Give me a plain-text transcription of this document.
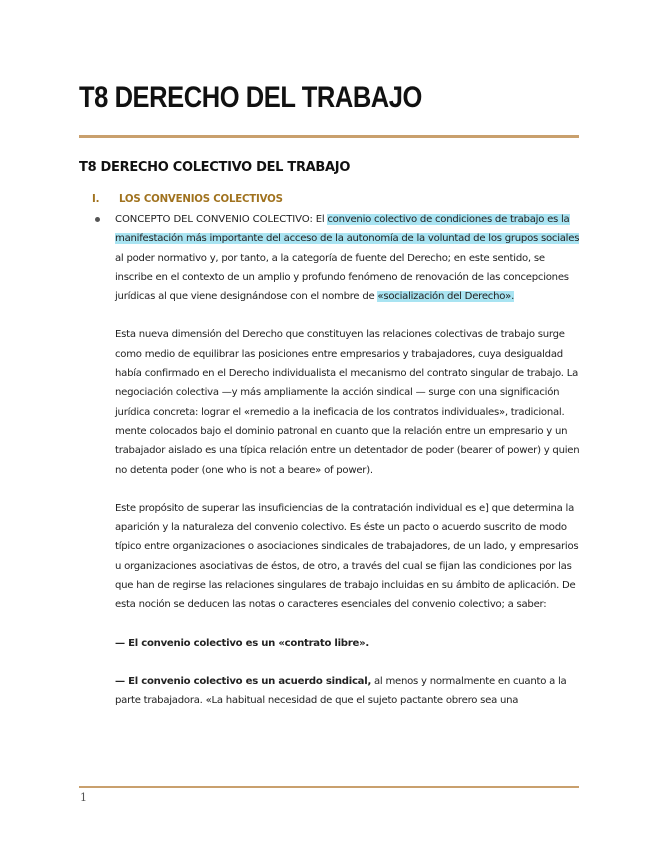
T8 DERECHO DEL TRABAJO
T8 DERECHO COLECTIVO DEL TRABAJO
I. LOS CONVENIOS COLECTIVOS

CONCEPTO DEL CONVENIO COLECTIVO: El convenio colectivo de condiciones de trabajo es la manifestación más importante del acceso de la autonomía de la voluntad de los grupos sociales al poder normativo y, por tanto, a la categoría de fuente del Derecho; en este sentido, se inscribe en el contexto de un amplio y profundo fenómeno de renovación de las concepciones jurídicas al que viene designándose con el nombre de «socialización del Derecho».

Esta nueva dimensión del Derecho que constituyen las relaciones colectivas de trabajo surge como medio de equilibrar las posiciones entre empresarios y trabajadores, cuya desigualdad había confirmado en el Derecho individualista el mecanismo del contrato singular de trabajo. La negociación colectiva —y más ampliamente la acción sindical — surge con una significación jurídica concreta: lograr el «remedio a la ineficacia de los contratos individuales», tradicional. mente colocados bajo el dominio patronal en cuanto que la relación entre un empresario y un trabajador aislado es una típica relación entre un detentador de poder (bearer of power) y quien no detenta poder (one who is not a beare» of power).

Este propósito de superar las insuficiencias de la contratación individual es e] que determina la aparición y la naturaleza del convenio colectivo. Es éste un pacto o acuerdo suscrito de modo típico entre organizaciones o asociaciones sindicales de trabajadores, de un lado, y empresarios u organizaciones asociativas de éstos, de otro, a través del cual se fijan las condiciones por las que han de regirse las relaciones singulares de trabajo incluidas en su ámbito de aplicación. De esta noción se deducen las notas o caracteres esenciales del convenio colectivo; a saber:

— El convenio colectivo es un «contrato libre».

— El convenio colectivo es un acuerdo sindical, al menos y normalmente en cuanto a la parte trabajadora. «La habitual necesidad de que el sujeto pactante obrero sea una

1
